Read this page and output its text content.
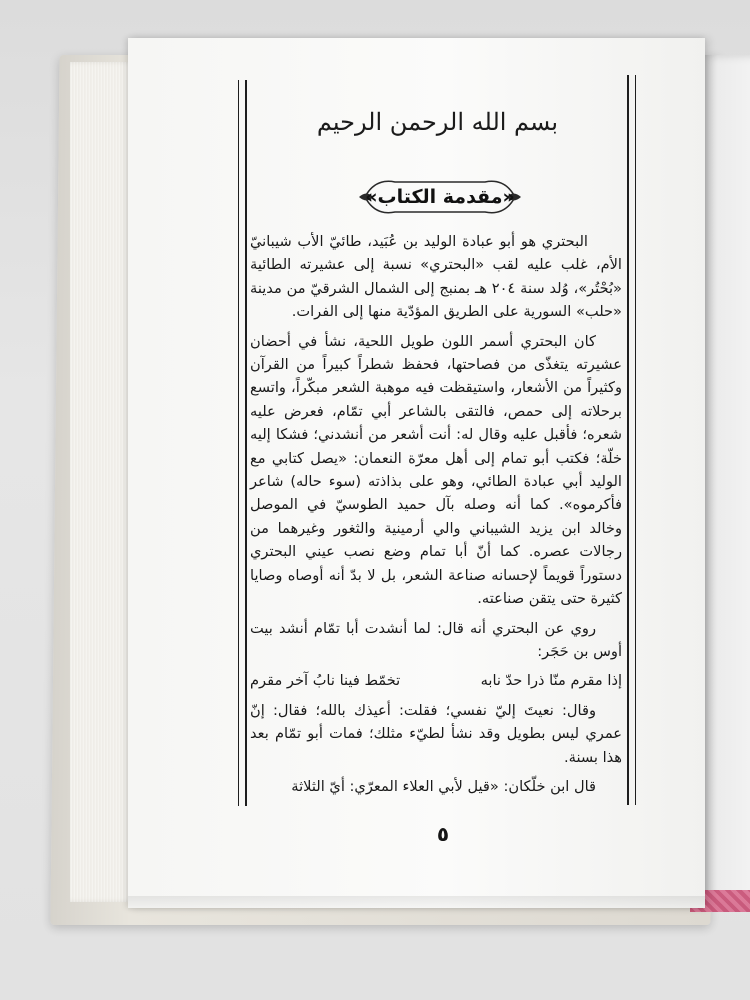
بسم الله الرحمن الرحيم
«مقدمة الكتاب»

البحتري هو أبو عبادة الوليد بن عُبَيد، طائيّ الأب شيبانيّ الأم، غلب عليه لقب «البحتري» نسبة إلى عشيرته الطائية «بُحْتُر»، وُلد سنة ٢٠٤ هـ بمنبج إلى الشمال الشرقيّ من مدينة «حلب» السورية على الطريق المؤدّية منها إلى الفرات.

كان البحتري أسمر اللون طويل اللحية، نشأ في أحضان عشيرته يتغذّى من فصاحتها، فحفظ شطراً كبيراً من القرآن وكثيراً من الأشعار، واستيقظت فيه موهبة الشعر مبكّراً، واتسع برحلاته إلى حمص، فالتقى بالشاعر أبي تمّام، فعرض عليه شعره؛ فأقبل عليه وقال له: أنت أشعر من أنشدني؛ فشكا إليه خلّة؛ فكتب أبو تمام إلى أهل معرّة النعمان: «يصل كتابي مع الوليد أبي عبادة الطائي، وهو على بذاذته (سوء حاله) شاعر فأكرموه». كما أنه وصله بآل حميد الطوسيّ في الموصل وخالد ابن يزيد الشيباني والي أرمينية والثغور وغيرهما من رجالات عصره. كما أنّ أبا تمام وضع نصب عيني البحتري دستوراً قويماً لإحسانه صناعة الشعر، بل لا بدّ أنه أوصاه وصايا كثيرة حتى يتقن صناعته.

روي عن البحتري أنه قال: لما أنشدت أبا تمّام أنشد بيت أوس بن حَجَر:

إذا مقرم منّا ذرا حدّ نابه
تخمّط فينا نابُ آخر مقرم

وقال: نعيتَ إليّ نفسي؛ فقلت: أعيذك بالله؛ فقال: إنّ عمري ليس بطويل وقد نشأ لطيّء مثلك؛ فمات أبو تمّام بعد هذا بسنة.

قال ابن خلّكان: «قيل لأبي العلاء المعرّي: أيّ الثلاثة

٥
